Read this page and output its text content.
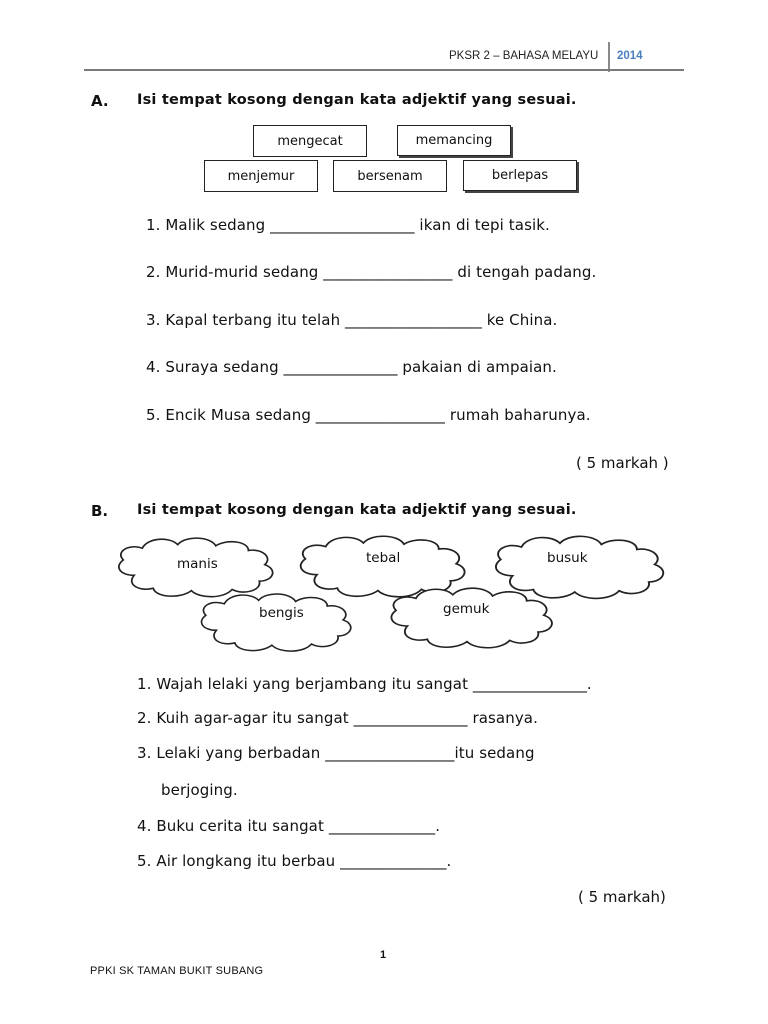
PKSR 2 – BAHASA MELAYU 2014
A. Isi tempat kosong dengan kata adjektif yang sesuai.
mengecat	memancing
menjemur	bersenam	berlepas
1. Malik sedang ___________________ ikan di tepi tasik.
2. Murid-murid sedang _________________ di tengah padang.
3. Kapal terbang itu telah __________________ ke China.
4. Suraya sedang _______________ pakaian di ampaian.
5. Encik Musa sedang _________________ rumah baharunya.
( 5 markah )
B. Isi tempat kosong dengan kata adjektif yang sesuai.
manis	tebal	busuk
bengis	gemuk
1. Wajah lelaki yang berjambang itu sangat _______________.
2. Kuih agar-agar itu sangat _______________ rasanya.
3. Lelaki yang berbadan _________________itu sedang
berjoging.
4. Buku cerita itu sangat ______________.
5. Air longkang itu berbau ______________.
( 5 markah)
1
PPKI SK TAMAN BUKIT SUBANG
